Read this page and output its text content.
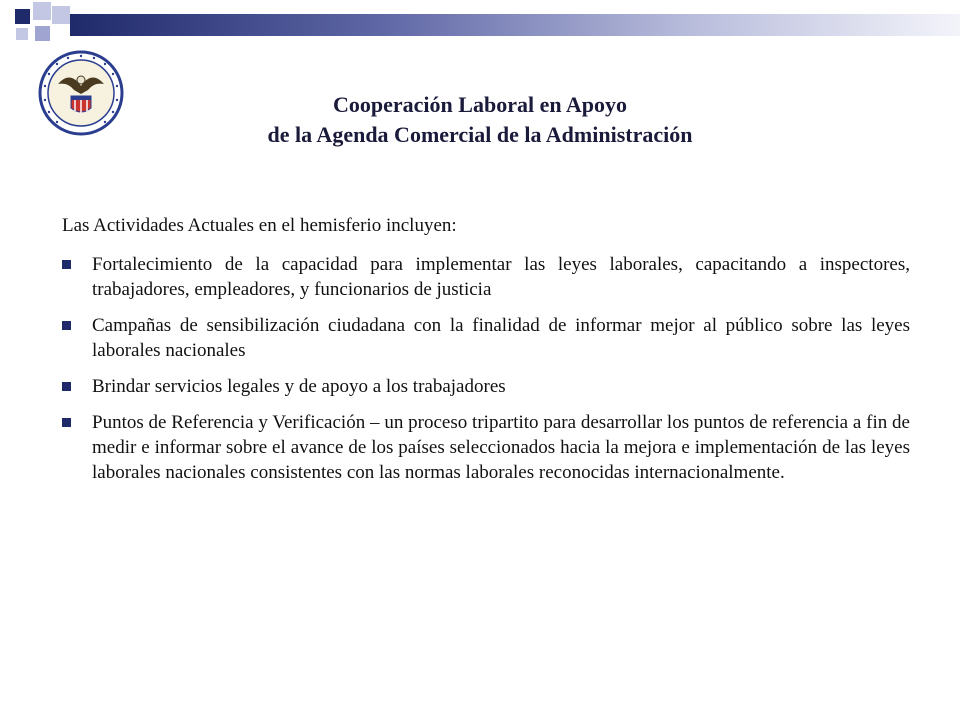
Cooperación Laboral en Apoyo
de la Agenda Comercial de la Administración
Las Actividades Actuales en el hemisferio incluyen:
Fortalecimiento de la capacidad para implementar las leyes laborales, capacitando a inspectores, trabajadores, empleadores, y funcionarios de justicia
Campañas de sensibilización ciudadana con la finalidad de informar mejor al público sobre las leyes laborales nacionales
Brindar servicios legales y de apoyo a los trabajadores
Puntos de Referencia y Verificación – un proceso tripartito para desarrollar los puntos de referencia a fin de medir e informar sobre el avance de los países seleccionados hacia la mejora e implementación de las leyes laborales nacionales consistentes con las normas laborales reconocidas internacionalmente.
